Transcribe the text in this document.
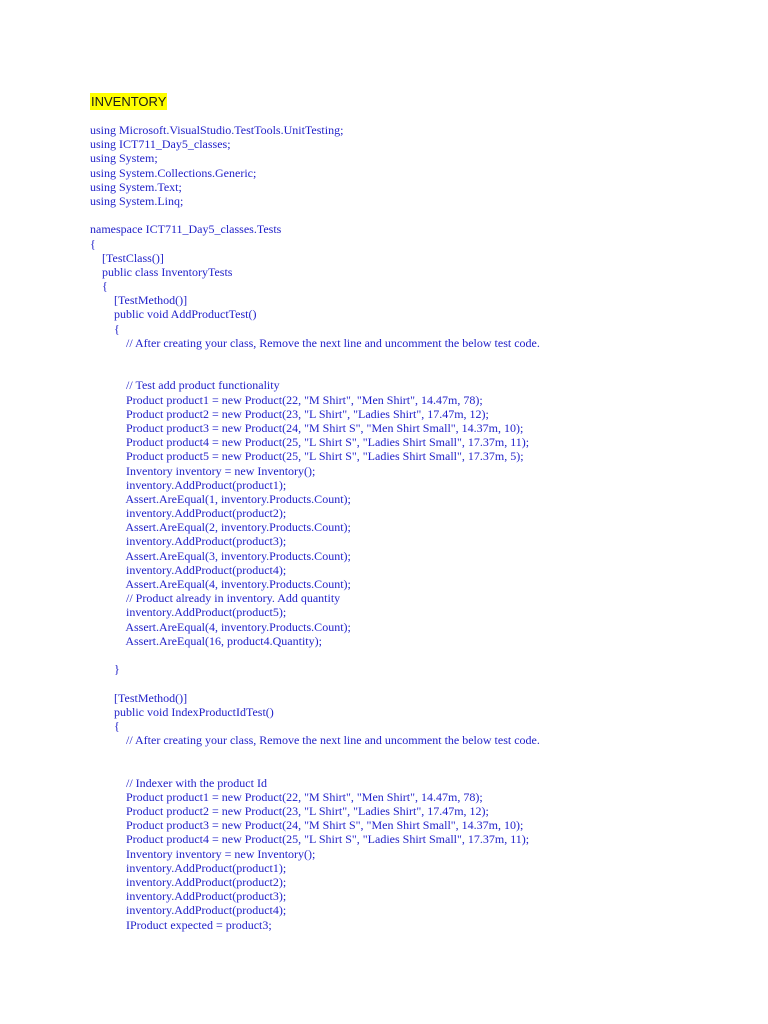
INVENTORY
using Microsoft.VisualStudio.TestTools.UnitTesting;
using ICT711_Day5_classes;
using System;
using System.Collections.Generic;
using System.Text;
using System.Linq;
namespace ICT711_Day5_classes.Tests
{
[TestClass()]
public class InventoryTests
{
[TestMethod()]
public void AddProductTest()
{
// After creating your class, Remove the next line and uncomment the below test code.
// Test add product functionality
Product product1 = new Product(22, "M Shirt", "Men Shirt", 14.47m, 78);
Product product2 = new Product(23, "L Shirt", "Ladies Shirt", 17.47m, 12);
Product product3 = new Product(24, "M Shirt S", "Men Shirt Small", 14.37m, 10);
Product product4 = new Product(25, "L Shirt S", "Ladies Shirt Small", 17.37m, 11);
Product product5 = new Product(25, "L Shirt S", "Ladies Shirt Small", 17.37m, 5);
Inventory inventory = new Inventory();
inventory.AddProduct(product1);
Assert.AreEqual(1, inventory.Products.Count);
inventory.AddProduct(product2);
Assert.AreEqual(2, inventory.Products.Count);
inventory.AddProduct(product3);
Assert.AreEqual(3, inventory.Products.Count);
inventory.AddProduct(product4);
Assert.AreEqual(4, inventory.Products.Count);
// Product already in inventory. Add quantity
inventory.AddProduct(product5);
Assert.AreEqual(4, inventory.Products.Count);
Assert.AreEqual(16, product4.Quantity);
}
[TestMethod()]
public void IndexProductIdTest()
{
// After creating your class, Remove the next line and uncomment the below test code.
// Indexer with the product Id
Product product1 = new Product(22, "M Shirt", "Men Shirt", 14.47m, 78);
Product product2 = new Product(23, "L Shirt", "Ladies Shirt", 17.47m, 12);
Product product3 = new Product(24, "M Shirt S", "Men Shirt Small", 14.37m, 10);
Product product4 = new Product(25, "L Shirt S", "Ladies Shirt Small", 17.37m, 11);
Inventory inventory = new Inventory();
inventory.AddProduct(product1);
inventory.AddProduct(product2);
inventory.AddProduct(product3);
inventory.AddProduct(product4);
IProduct expected = product3;
